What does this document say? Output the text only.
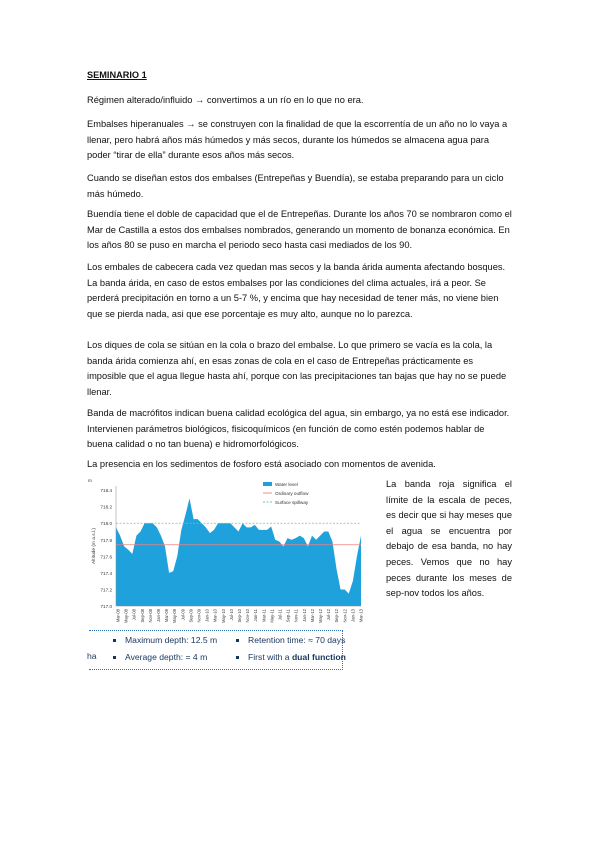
SEMINARIO 1

Régimen alterado/influido → convertimos a un río en lo que no era.

Embalses hiperanuales → se construyen con la finalidad de que la escorrentía de un año no lo vaya a llenar, pero habrá años más húmedos y más secos, durante los húmedos se almacena agua para poder “tirar de ella” durante esos años más secos.

Cuando se diseñan estos dos embalses (Entrepeñas y Buendía), se estaba preparando para un ciclo más húmedo.

Buendía tiene el doble de capacidad que el de Entrepeñas. Durante los años 70 se nombraron como el Mar de Castilla a estos dos embalses nombrados, generando un momento de bonanza económica. En los años 80 se puso en marcha el periodo seco hasta casi mediados de los 90.

Los embales de cabecera cada vez quedan mas secos y la banda árida aumenta afectando bosques. La banda árida, en caso de estos embalses por las condiciones del clima actuales, irá a peor. Se perderá precipitación en torno a un 5-7 %, y encima que hay necesidad de tener más, no viene bien que se pierda nada, asi que ese porcentaje es muy alto, aunque no lo parezca.

Los diques de cola se sitúan en la cola o brazo del embalse. Lo que primero se vacía es la cola, la banda árida comienza ahí, en esas zonas de cola en el caso de Entrepeñas prácticamente es imposible que el agua llegue hasta ahí, porque con las precipitaciones tan bajas que hay no se puede llenar.

Banda de macrófitos indican buena calidad ecológica del agua, sin embargo, ya no está ese indicador. Intervienen parámetros biológicos, fisicoquímicos (en función de como estén podemos hablar de buena calidad o no tan buena) e hidromorfológicos.

La presencia en los sedimentos de fosforo está asociado con momentos de avenida.

717.0
717.2
717.4
717.6
717.8
718.0
718.2
718.4
Mar-08 May-08 Jul-08 Sep-08 Nov-08 Jan-09 Mar-09 May-09 Jul-09 Sep-09 Nov-09 Jan-10 Mar-10 May-10 Jul-10 Sep-10 Nov-10 Jan-11 Mar-11 May-11 Jul-11 Sep-11 Nov-11 Jan-12 Mar-12 May-12 Jul-12 Sep-12 Nov-12 Jan-13 Mar-13
Altitude (m a.s.l.)
m
Water level
Ordinary outflow
Surface spillway

La banda roja significa el límite de la escala de peces, es decir que si hay meses que el agua se encuentra por debajo de esa banda, no hay peces. Vemos que no hay peces durante los meses de sep-nov todos los años.

Maximum depth: 12.5 m	Retention time: ≈ 70 days
Average depth: = 4 m	First with a dual function
ha
